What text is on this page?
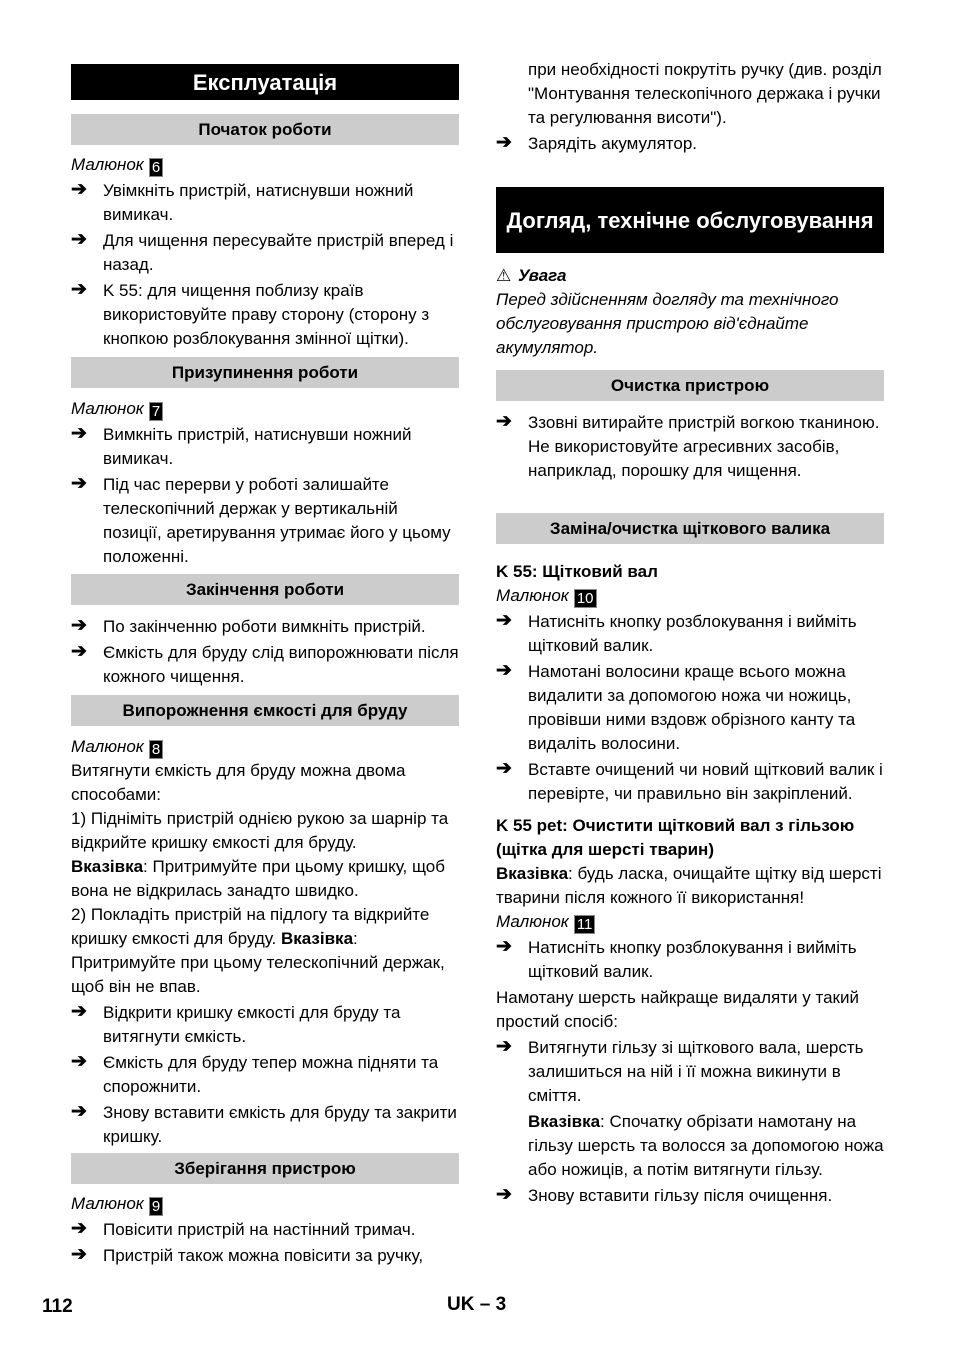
Експлуатація
Початок роботи
Малюнок 6
➔ Увімкніть пристрій, натиснувши ножний вимикач.
➔ Для чищення пересувайте пристрій вперед і назад.
➔ K 55: для чищення поблизу країв використовуйте праву сторону (сторону з кнопкою розблокування змінної щітки).
Призупинення роботи
Малюнок 7
➔ Вимкніть пристрій, натиснувши ножний вимикач.
➔ Під час перерви у роботі залишайте телескопічний держак у вертикальній позиції, аретирування утримає його у цьому положенні.
Закінчення роботи
➔ По закінченню роботи вимкніть пристрій.
➔ Ємкість для бруду слід випорожнювати після кожного чищення.
Випорожнення ємкості для бруду
Малюнок 8
Витягнути ємкість для бруду можна двома способами:
1) Підніміть пристрій однією рукою за шарнір та відкрийте кришку ємкості для бруду.
Вказівка: Притримуйте при цьому кришку, щоб вона не відкрилась занадто швидко.
2) Покладіть пристрій на підлогу та відкрийте кришку ємкості для бруду. Вказівка: Притримуйте при цьому телескопічний держак, щоб він не впав.
➔ Відкрити кришку ємкості для бруду та витягнути ємкість.
➔ Ємкість для бруду тепер можна підняти та спорожнити.
➔ Знову вставити ємкість для бруду та закрити кришку.
Зберігання пристрою
Малюнок 9
➔ Повісити пристрій на настінний тримач.
➔ Пристрій також можна повісити за ручку,
при необхідності покрутіть ручку (див. розділ "Монтування телескопічного держака і ручки та регулювання висоти").
➔ Зарядіть акумулятор.
Догляд, технічне обслуговування
⚠ Увага
Перед здійсненням догляду та технічного обслуговування пристрою від'єднайте акумулятор.
Очистка пристрою
➔ Ззовні витирайте пристрій вогкою тканиною. Не використовуйте агресивних засобів, наприклад, порошку для чищення.
Заміна/очистка щіткового валика
K 55: Щітковий вал
Малюнок 10
➔ Натисніть кнопку розблокування і вийміть щітковий валик.
➔ Намотані волосини краще всього можна видалити за допомогою ножа чи ножиць, провівши ними вздовж обрізного канту та видаліть волосини.
➔ Вставте очищений чи новий щітковий валик і перевірте, чи правильно він закріплений.
K 55 pet: Очистити щітковий вал з гільзою (щітка для шерсті тварин)
Вказівка: будь ласка, очищайте щітку від шерсті тварини після кожного її використання!
Малюнок 11
➔ Натисніть кнопку розблокування і вийміть щітковий валик.
Намотану шерсть найкраще видаляти у такий простий спосіб:
➔ Витягнути гільзу зі щіткового вала, шерсть залишиться на ній і її можна викинути в сміття.
Вказівка: Спочатку обрізати намотану на гільзу шерсть та волосся за допомогою ножа або ножиців, а потім витягнути гільзу.
➔ Знову вставити гільзу після очищення.
112	UK – 3
